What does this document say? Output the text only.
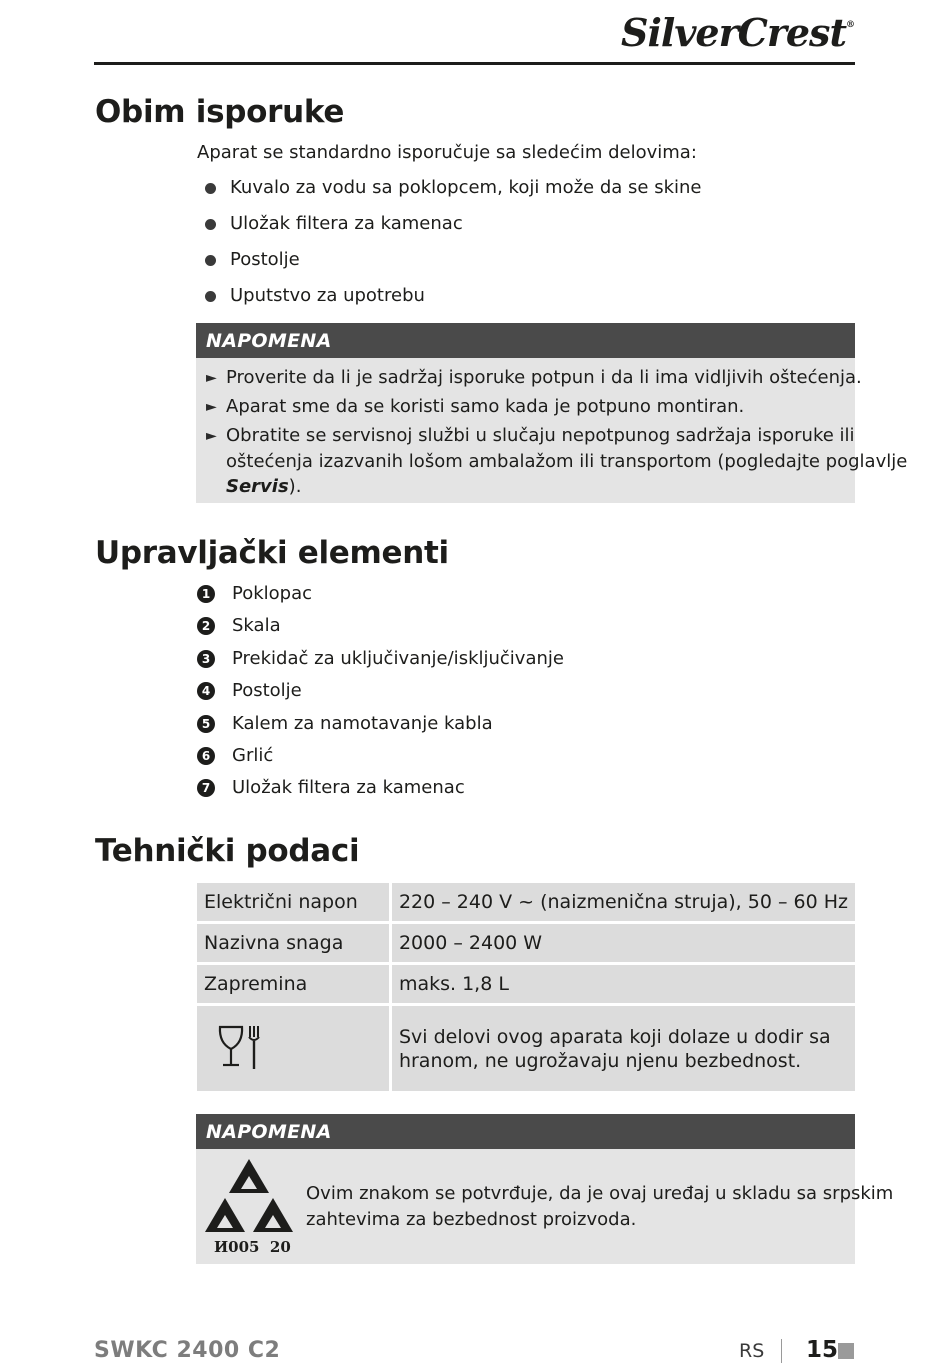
SilverCrest®
Obim isporuke
Aparat se standardno isporučuje sa sledećim delovima:
Kuvalo za vodu sa poklopcem, koji može da se skine
Uložak filtera za kamenac
Postolje
Uputstvo za upotrebu
NAPOMENA
► Proverite da li je sadržaj isporuke potpun i da li ima vidljivih oštećenja.
► Aparat sme da se koristi samo kada je potpuno montiran.
► Obratite se servisnoj službi u slučaju nepotpunog sadržaja isporuke ili
oštećenja izazvanih lošom ambalažom ili transportom (pogledajte poglavlje
Servis).
Upravljački elementi
1 Poklopac
2 Skala
3 Prekidač za uključivanje/isključivanje
4 Postolje
5 Kalem za namotavanje kabla
6 Grlić
7 Uložak filtera za kamenac
Tehnički podaci
Električni napon	220 – 240 V ~ (naizmenična struja), 50 – 60 Hz
Nazivna snaga	2000 – 2400 W
Zapremina	maks. 1,8 L

Svi delovi ovog aparata koji dolaze u dodir sa
hranom, ne ugrožavaju njenu bezbednost.
NAPOMENA
И005  20
Ovim znakom se potvrđuje, da je ovaj uređaj u skladu sa srpskim
zahtevima za bezbednost proizvoda.
SWKC 2400 C2	RS 15
